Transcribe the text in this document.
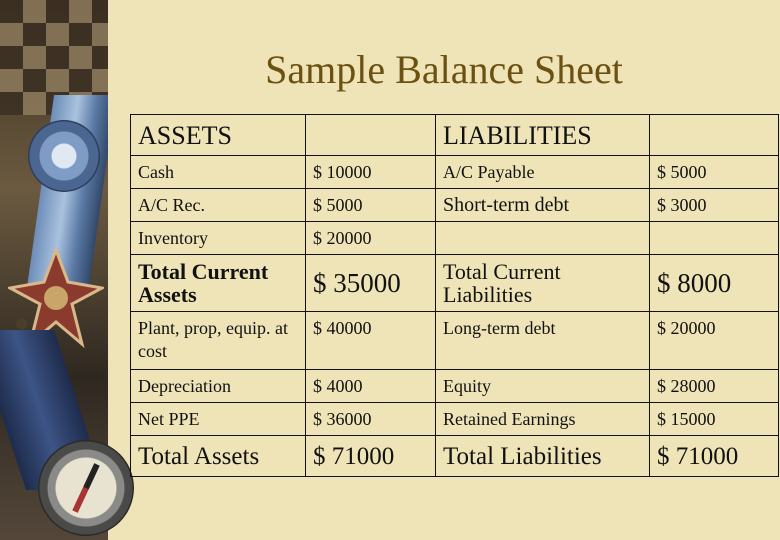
Sample Balance Sheet
ASSETS		LIABILITIES	
Cash	$ 10000	A/C Payable	$ 5000
A/C Rec.	$ 5000	Short-term debt	$ 3000
Inventory	$ 20000		
Total Current Assets	$ 35000	Total Current Liabilities	$ 8000
Plant, prop, equip. at cost	$ 40000	Long-term debt	$ 20000
Depreciation	$ 4000	Equity	$ 28000
Net PPE	$ 36000	Retained Earnings	$ 15000
Total Assets	$ 71000	Total Liabilities	$ 71000
